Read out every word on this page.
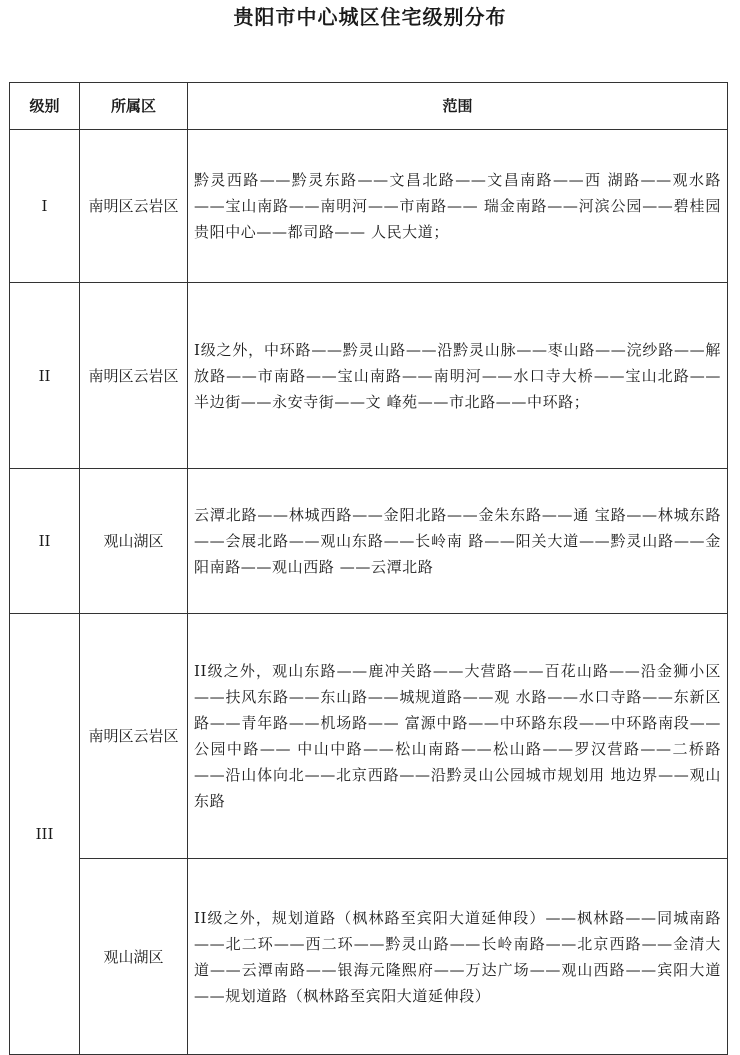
贵阳市中心城区住宅级别分布
级别	所属区	范围
I	南明区云岩区	黔灵西路——黔灵东路——文昌北路——文昌南路——西 湖路——观水路——宝山南路——南明河——市南路—— 瑞金南路——河滨公园——碧桂园贵阳中心——都司路—— 人民大道；
II	南明区云岩区	I级之外，中环路——黔灵山路——沿黔灵山脉——枣山路——浣纱路——解放路——市南路——宝山南路——南明河——水口寺大桥——宝山北路——半边街——永安寺街——文 峰苑——市北路——中环路；
II	观山湖区	云潭北路——林城西路——金阳北路——金朱东路——通 宝路——林城东路——会展北路——观山东路——长岭南 路——阳关大道——黔灵山路——金阳南路——观山西路 ——云潭北路
III	南明区云岩区	II级之外，观山东路——鹿冲关路——大营路——百花山路——沿金狮小区——扶风东路——东山路——城规道路——观 水路——水口寺路——东新区路——青年路——机场路—— 富源中路——中环路东段——中环路南段——公园中路—— 中山中路——松山南路——松山路——罗汉营路——二桥路 ——沿山体向北——北京西路——沿黔灵山公园城市规划用 地边界——观山东路
	观山湖区	II级之外，规划道路（枫林路至宾阳大道延伸段）——枫林路——同城南路——北二环——西二环——黔灵山路——长岭南路——北京西路——金清大道——云潭南路——银海元隆熙府——万达广场——观山西路——宾阳大道——规划道路（枫林路至宾阳大道延伸段）
